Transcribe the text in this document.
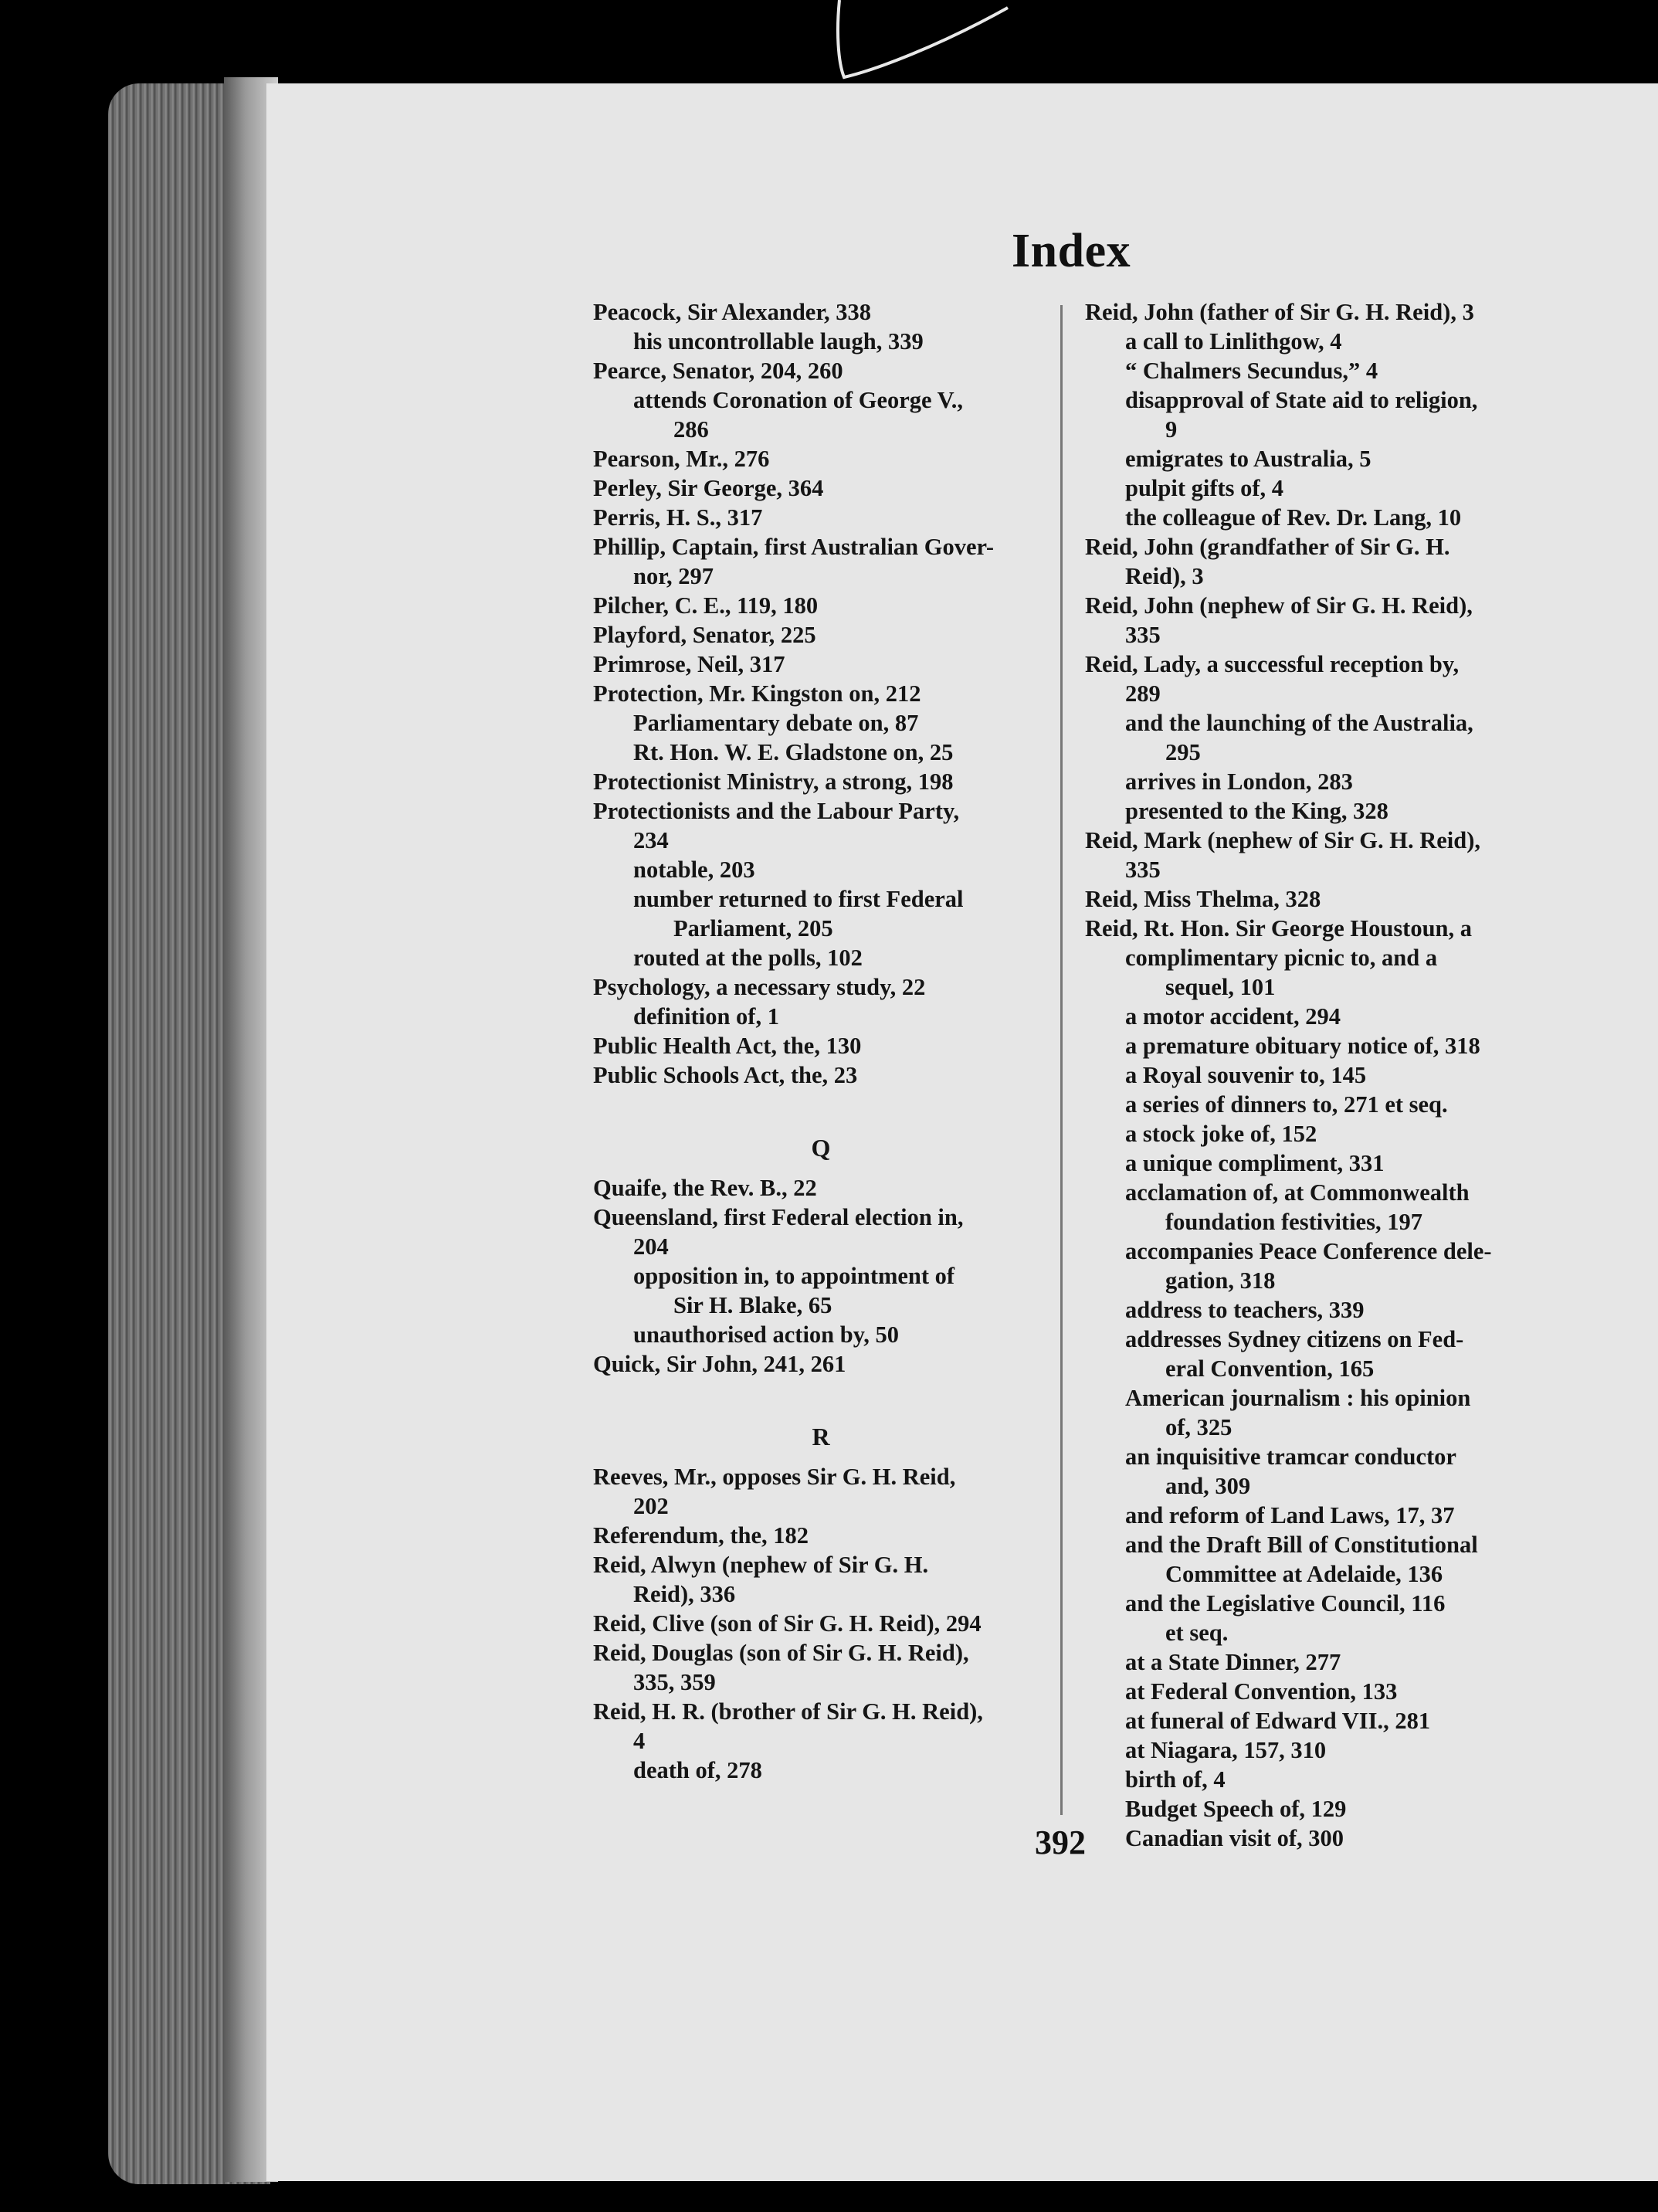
Index
Peacock, Sir Alexander, 338
his uncontrollable laugh, 339
Pearce, Senator, 204, 260
attends Coronation of George V.,
286
Pearson, Mr., 276
Perley, Sir George, 364
Perris, H. S., 317
Phillip, Captain, first Australian Gover-
nor, 297
Pilcher, C. E., 119, 180
Playford, Senator, 225
Primrose, Neil, 317
Protection, Mr. Kingston on, 212
Parliamentary debate on, 87
Rt. Hon. W. E. Gladstone on, 25
Protectionist Ministry, a strong, 198
Protectionists and the Labour Party,
234
notable, 203
number returned to first Federal
Parliament, 205
routed at the polls, 102
Psychology, a necessary study, 22
definition of, 1
Public Health Act, the, 130
Public Schools Act, the, 23
Q
Quaife, the Rev. B., 22
Queensland, first Federal election in,
204
opposition in, to appointment of
Sir H. Blake, 65
unauthorised action by, 50
Quick, Sir John, 241, 261
R
Reeves, Mr., opposes Sir G. H. Reid,
202
Referendum, the, 182
Reid, Alwyn (nephew of Sir G. H.
Reid), 336
Reid, Clive (son of Sir G. H. Reid), 294
Reid, Douglas (son of Sir G. H. Reid),
335, 359
Reid, H. R. (brother of Sir G. H. Reid),
4
death of, 278
Reid, John (father of Sir G. H. Reid), 3
a call to Linlithgow, 4
“ Chalmers Secundus,” 4
disapproval of State aid to religion,
9
emigrates to Australia, 5
pulpit gifts of, 4
the colleague of Rev. Dr. Lang, 10
Reid, John (grandfather of Sir G. H.
Reid), 3
Reid, John (nephew of Sir G. H. Reid),
335
Reid, Lady, a successful reception by,
289
and the launching of the Australia,
295
arrives in London, 283
presented to the King, 328
Reid, Mark (nephew of Sir G. H. Reid),
335
Reid, Miss Thelma, 328
Reid, Rt. Hon. Sir George Houstoun, a
complimentary picnic to, and a
sequel, 101
a motor accident, 294
a premature obituary notice of, 318
a Royal souvenir to, 145
a series of dinners to, 271 et seq.
a stock joke of, 152
a unique compliment, 331
acclamation of, at Commonwealth
foundation festivities, 197
accompanies Peace Conference dele-
gation, 318
address to teachers, 339
addresses Sydney citizens on Fed-
eral Convention, 165
American journalism : his opinion
of, 325
an inquisitive tramcar conductor
and, 309
and reform of Land Laws, 17, 37
and the Draft Bill of Constitutional
Committee at Adelaide, 136
and the Legislative Council, 116
et seq.
at a State Dinner, 277
at Federal Convention, 133
at funeral of Edward VII., 281
at Niagara, 157, 310
birth of, 4
Budget Speech of, 129
Canadian visit of, 300
392
